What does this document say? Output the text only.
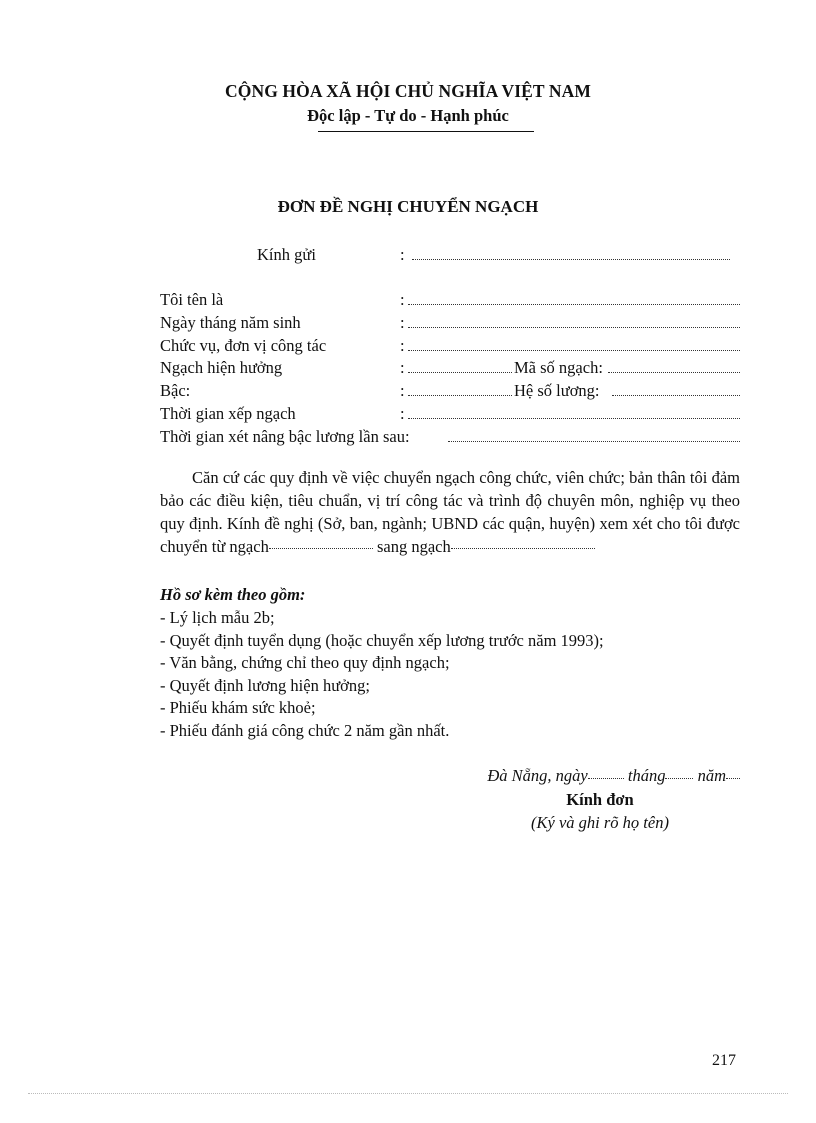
CỘNG HÒA XÃ HỘI CHỦ NGHĨA VIỆT NAM
Độc lập - Tự do - Hạnh phúc
ĐƠN ĐỀ NGHỊ CHUYỂN NGẠCH
Kính gửi	:
Tôi tên là	:
Ngày tháng năm sinh	:
Chức vụ, đơn vị công tác	:
Ngạch hiện hưởng	:	Mã số ngạch:
Bậc:	:	Hệ số lương:
Thời gian xếp ngạch	:
Thời gian xét nâng bậc lương lần sau:
Căn cứ các quy định về việc chuyển ngạch công chức, viên chức; bản thân tôi đảm bảo các điều kiện, tiêu chuẩn, vị trí công tác và trình độ chuyên môn, nghiệp vụ theo quy định. Kính đề nghị (Sở, ban, ngành; UBND các quận, huyện) xem xét cho tôi được chuyển từ ngạch	sang ngạch
Hồ sơ kèm theo gồm:
- Lý lịch mẫu 2b;
- Quyết định tuyển dụng (hoặc chuyển xếp lương trước năm 1993);
- Văn bằng, chứng chỉ theo quy định ngạch;
- Quyết định lương hiện hưởng;
- Phiếu khám sức khoẻ;
- Phiếu đánh giá công chức 2 năm gần nhất.
Đà Nẵng, ngày tháng năm
Kính đơn
(Ký và ghi rõ họ tên)
217
